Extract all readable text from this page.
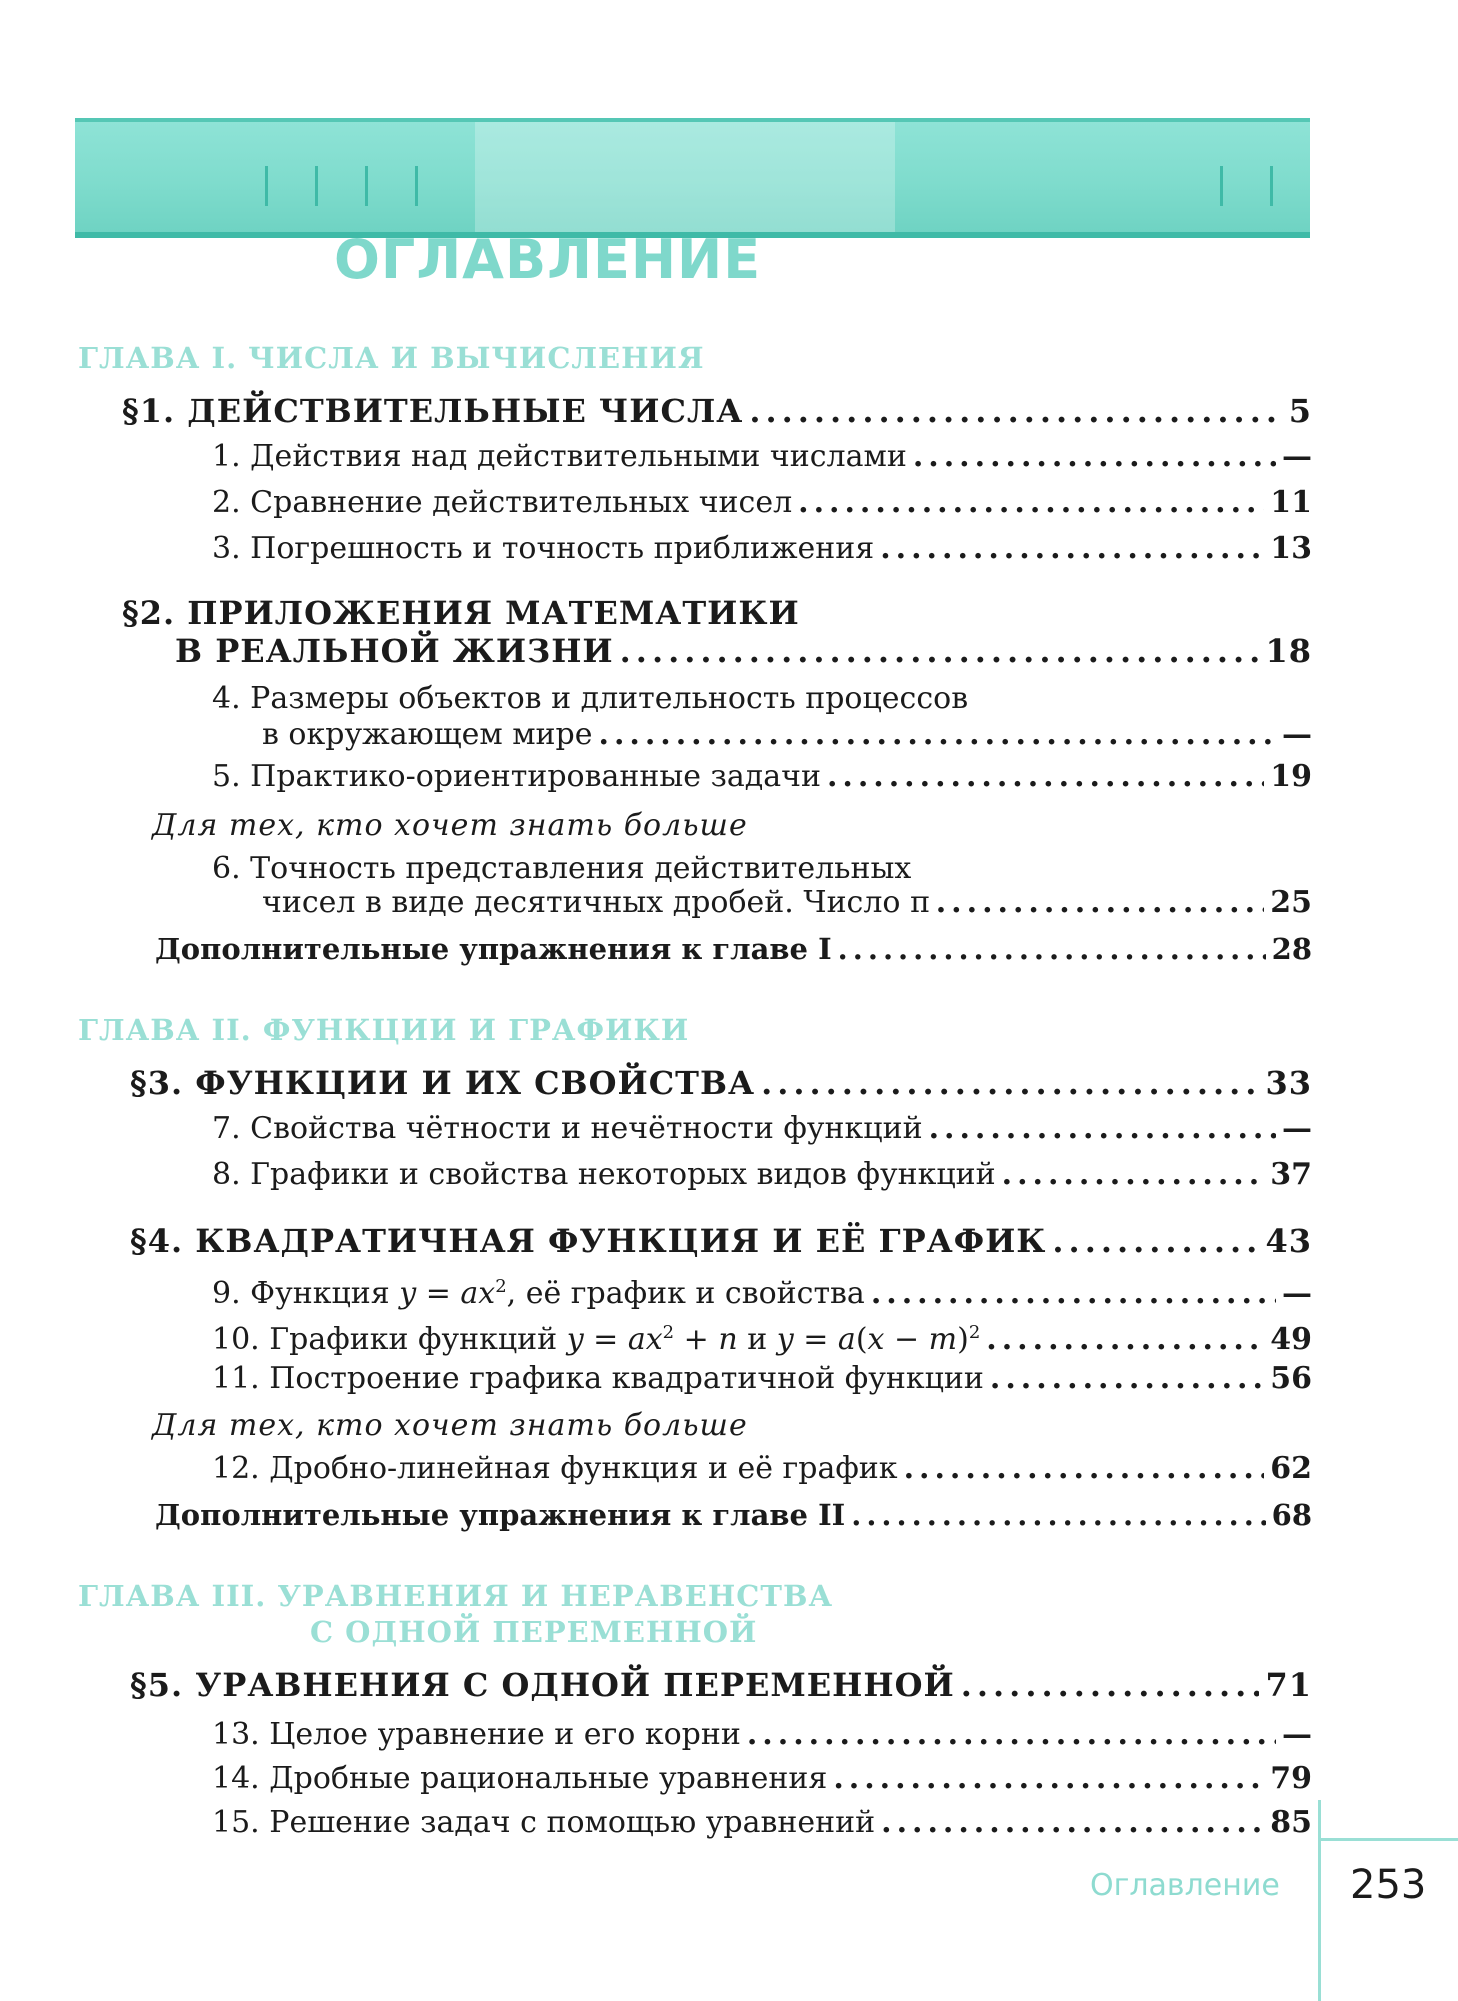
ОГЛАВЛЕНИЕ
ГЛАВА I. ЧИСЛА И ВЫЧИСЛЕНИЯ
§1.
ДЕЙСТВИТЕЛЬНЫЕ ЧИСЛА .....	5
1.
Действия над действительными числами .....	—
2.
Сравнение действительных чисел .....	11
3.
Погрешность и точность приближения .....	13
§2. ПРИЛОЖЕНИЯ МАТЕМАТИКИ
В РЕАЛЬНОЙ ЖИЗНИ .....	18
4. Размеры объектов и длительность процессов
в окружающем мире .....	—
5.
Практико-ориентированные задачи .....	19
Для тех, кто хочет знать больше
6. Точность представления действительных
чисел в виде десятичных дробей. Число π .....	25
Дополнительные упражнения к главе I .....	28
ГЛАВА II. ФУНКЦИИ И ГРАФИКИ
§3.
ФУНКЦИИ И ИХ СВОЙСТВА .....	33
7.
Свойства чётности и нечётности функций .....	—
8.
Графики и свойства некоторых видов функций .....	37
§4.
КВАДРАТИЧНАЯ ФУНКЦИЯ И ЕЁ ГРАФИК .....	43
9.
Функция $y = ax^2$, её график и свойства .....	—
10.
Графики функций $y = ax^2 + n$ и $y = a(x - m)^2$ .....	49
11.
Построение графика квадратичной функции .....	56
Для тех, кто хочет знать больше
12.
Дробно-линейная функция и её график .....	62
Дополнительные упражнения к главе II .....	68
ГЛАВА III. УРАВНЕНИЯ И НЕРАВЕНСТВА
С ОДНОЙ ПЕРЕМЕННОЙ
§5.
УРАВНЕНИЯ С ОДНОЙ ПЕРЕМЕННОЙ .....	71
13.
Целое уравнение и его корни .....	—
14.
Дробные рациональные уравнения .....	79
15.
Решение задач с помощью уравнений .....	85
Оглавление 253
